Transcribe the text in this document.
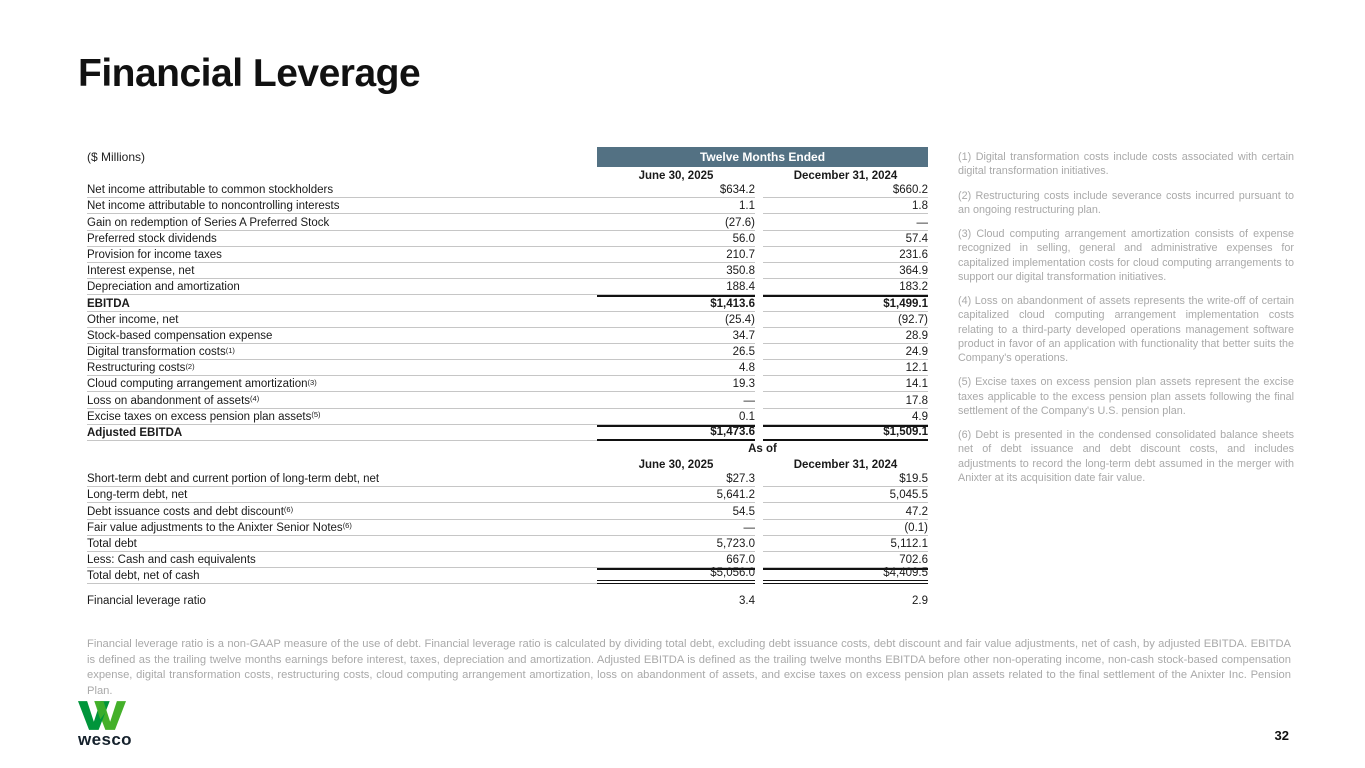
Financial Leverage
($ Millions)	Twelve Months Ended
June 30, 2025	December 31, 2024
Net income attributable to common stockholders	$634.2	$660.2
Net income attributable to noncontrolling interests	1.1	1.8
Gain on redemption of Series A Preferred Stock	(27.6)	—
Preferred stock dividends	56.0	57.4
Provision for income taxes	210.7	231.6
Interest expense, net	350.8	364.9
Depreciation and amortization	188.4	183.2
EBITDA	$1,413.6	$1,499.1
Other income, net	(25.4)	(92.7)
Stock-based compensation expense	34.7	28.9
Digital transformation costs (1)	26.5	24.9
Restructuring costs (2)	4.8	12.1
Cloud computing arrangement amortization (3)	19.3	14.1
Loss on abandonment of assets (4)	—	17.8
Excise taxes on excess pension plan assets (5)	0.1	4.9
Adjusted EBITDA	$1,473.6	$1,509.1
As of
June 30, 2025	December 31, 2024
Short-term debt and current portion of long-term debt, net	$27.3	$19.5
Long-term debt, net	5,641.2	5,045.5
Debt issuance costs and debt discount (6)	54.5	47.2
Fair value adjustments to the Anixter Senior Notes (6)	—	(0.1)
Total debt	5,723.0	5,112.1
Less: Cash and cash equivalents	667.0	702.6
Total debt, net of cash	$5,056.0	$4,409.5
Financial leverage ratio	3.4	2.9

(1) Digital transformation costs include costs associated with certain digital transformation initiatives.

(2) Restructuring costs include severance costs incurred pursuant to an ongoing restructuring plan.

(3) Cloud computing arrangement amortization consists of expense recognized in selling, general and administrative expenses for capitalized implementation costs for cloud computing arrangements to support our digital transformation initiatives.

(4) Loss on abandonment of assets represents the write-off of certain capitalized cloud computing arrangement implementation costs relating to a third-party developed operations management software product in favor of an application with functionality that better suits the Company's operations.

(5) Excise taxes on excess pension plan assets represent the excise taxes applicable to the excess pension plan assets following the final settlement of the Company's U.S. pension plan.

(6) Debt is presented in the condensed consolidated balance sheets net of debt issuance and debt discount costs, and includes adjustments to record the long-term debt assumed in the merger with Anixter at its acquisition date fair value.

Financial leverage ratio is a non-GAAP measure of the use of debt. Financial leverage ratio is calculated by dividing total debt, excluding debt issuance costs, debt discount and fair value adjustments, net of cash, by adjusted EBITDA. EBITDA is defined as the trailing twelve months earnings before interest, taxes, depreciation and amortization. Adjusted EBITDA is defined as the trailing twelve months EBITDA before other non-operating income, non-cash stock-based compensation expense, digital transformation costs, restructuring costs, cloud computing arrangement amortization, loss on abandonment of assets, and excise taxes on excess pension plan assets related to the final settlement of the Anixter Inc. Pension Plan.

wesco	32
